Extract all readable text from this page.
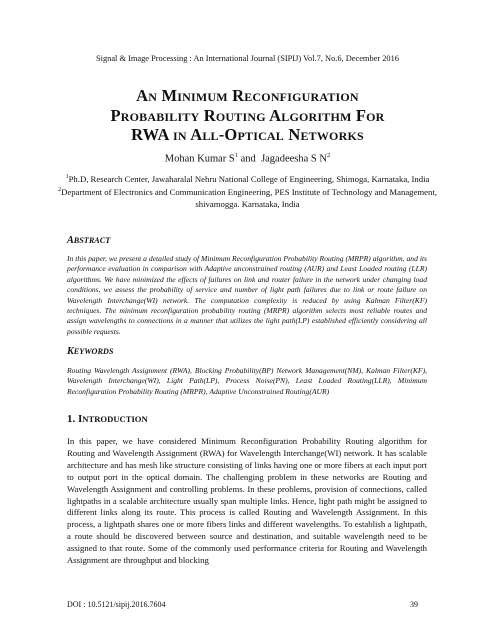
Signal & Image Processing : An International Journal (SIPIJ) Vol.7, No.6, December 2016
An Minimum Reconfiguration
Probability Routing Algorithm For
RWA in All-Optical Networks
Mohan Kumar $S^1$ and  Jagadeesha S $N^2$
$^1$Ph.D, Research Center, Jawaharalal Nehru National College of Engineering, Shimoga, Karnataka, India
$^2$Department of Electronics and Communication Engineering, PES Institute of Technology and Management, shivamogga. Karnataka, India
ABSTRACT
In this paper, we present a detailed study of Minimum Reconfiguration Probability Routing (MRPR) algorithm, and its performance evaluation in comparison with Adaptive unconstrained routing (AUR) and Least Loaded routing (LLR) algorithms. We have minimized the effects of failures on link and router failure in the network under changing load conditions, we assess the probability of service and number of light path failures due to link or route failure on Wavelength Interchange(WI) network. The computation complexity is reduced by using Kalman Filter(KF) techniques. The minimum reconfiguration probability routing (MRPR) algorithm selects most reliable routes and assign wavelengths to connections in a manner that utilizes the light path(LP) established efficiently considering all possible requests.
KEYWORDS
Routing Wavelength Assignment (RWA), Blocking Probability(BP) Network Management(NM), Kalman Filter(KF), Wavelength Interchange(WI), Light Path(LP), Process Noise(PN), Least Loaded Routing(LLR), Minimum Reconfiguration Probability Routing (MRPR), Adaptive Unconstrained Routing(AUR)
1. INTRODUCTION
In this paper, we have considered Minimum Reconfiguration Probability Routing algorithm for Routing and Wavelength Assignment (RWA) for Wavelength Interchange(WI) network. It has scalable architecture and has mesh like structure consisting of links having one or more fibers at each input port to output port in the optical domain. The challenging problem in these networks are Routing and Wavelength Assignment and controlling problems. In these problems, provision of connections, called lightpaths in a scalable architecture usually span multiple links. Hence, light path might be assigned to different links along its route. This process is called Routing and Wavelength Assignment. In this process, a lightpath shares one or more fibers links and different wavelengths. To establish a lightpath, a route should be discovered between source and destination, and suitable wavelength need to be assigned to that route. Some of the commonly used performance criteria for Routing and Wavelength Assignment are throughput and blocking
DOI : 10.5121/sipij.2016.7604	39
